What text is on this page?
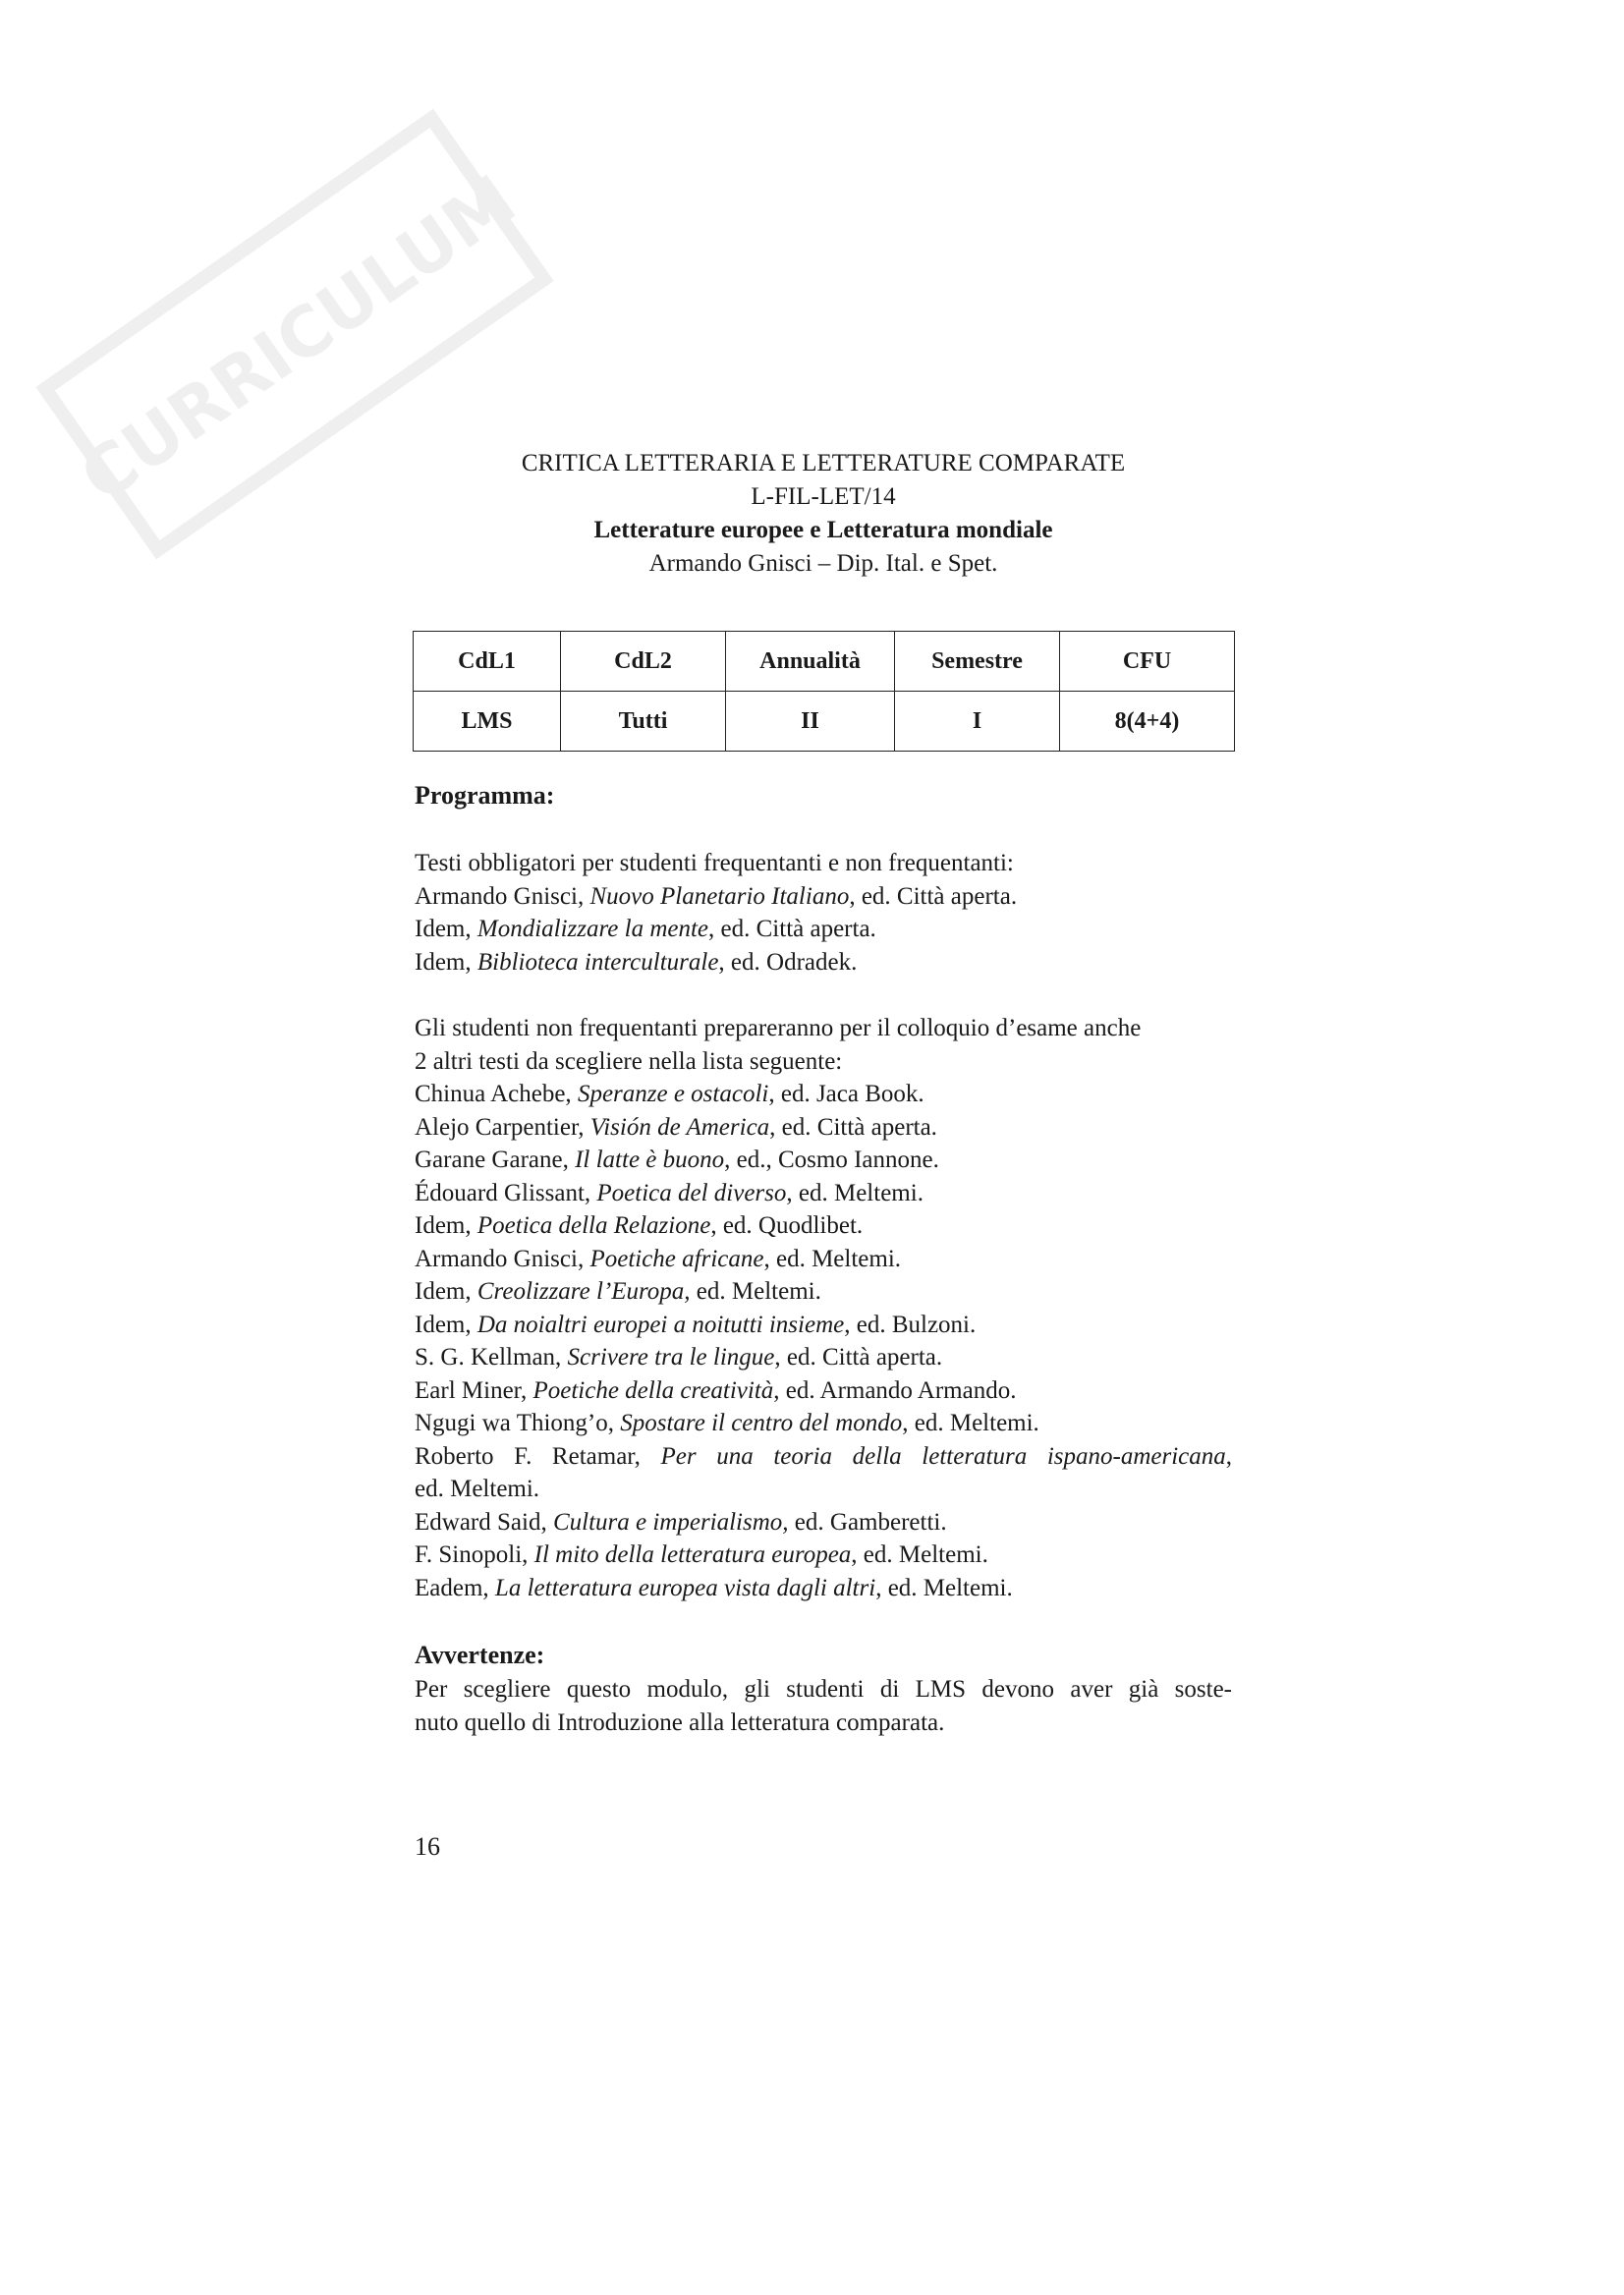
CURRICULUM
CRITICA LETTERARIA E LETTERATURE COMPARATE
L-FIL-LET/14
Letterature europee e Letteratura mondiale
Armando Gnisci – Dip. Ital. e Spet.
CdL1	CdL2	Annualità	Semestre	CFU
LMS	Tutti	II	I	8(4+4)
Programma:
Testi obbligatori per studenti frequentanti e non frequentanti:
Armando Gnisci, Nuovo Planetario Italiano, ed. Città aperta.
Idem, Mondializzare la mente, ed. Città aperta.
Idem, Biblioteca interculturale, ed. Odradek.
Gli studenti non frequentanti prepareranno per il colloquio d’esame anche
2 altri testi da scegliere nella lista seguente:
Chinua Achebe, Speranze e ostacoli, ed. Jaca Book.
Alejo Carpentier, Visión de America, ed. Città aperta.
Garane Garane, Il latte è buono, ed., Cosmo Iannone.
Édouard Glissant, Poetica del diverso, ed. Meltemi.
Idem, Poetica della Relazione, ed. Quodlibet.
Armando Gnisci, Poetiche africane, ed. Meltemi.
Idem, Creolizzare l’Europa, ed. Meltemi.
Idem, Da noialtri europei a noitutti insieme, ed. Bulzoni.
S. G. Kellman, Scrivere tra le lingue, ed. Città aperta.
Earl Miner, Poetiche della creatività, ed. Armando Armando.
Ngugi wa Thiong’o, Spostare il centro del mondo, ed. Meltemi.
Roberto F. Retamar, Per una teoria della letteratura ispano-americana,
ed. Meltemi.
Edward Said, Cultura e imperialismo, ed. Gamberetti.
F. Sinopoli, Il mito della letteratura europea, ed. Meltemi.
Eadem, La letteratura europea vista dagli altri, ed. Meltemi.
Avvertenze:
Per scegliere questo modulo, gli studenti di LMS devono aver già soste-
nuto quello di Introduzione alla letteratura comparata.
16
